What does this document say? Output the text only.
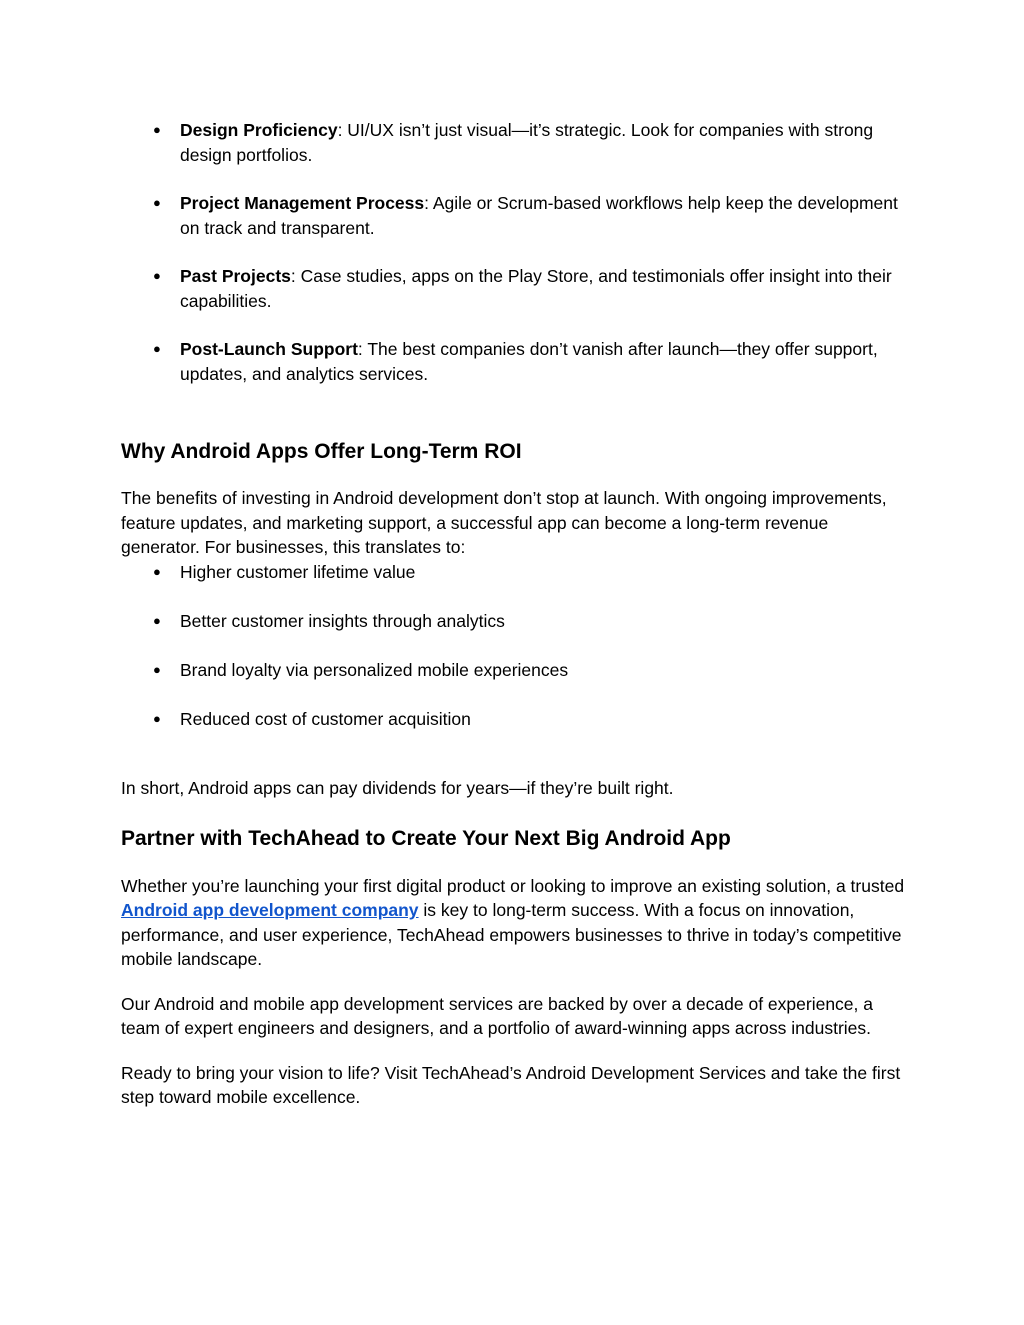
● Design Proficiency: UI/UX isn’t just visual—it’s strategic. Look for companies with strong design portfolios.
● Project Management Process: Agile or Scrum-based workflows help keep the development on track and transparent.
● Past Projects: Case studies, apps on the Play Store, and testimonials offer insight into their capabilities.
● Post-Launch Support: The best companies don’t vanish after launch—they offer support, updates, and analytics services.
Why Android Apps Offer Long-Term ROI

The benefits of investing in Android development don’t stop at launch. With ongoing improvements, feature updates, and marketing support, a successful app can become a long-term revenue generator. For businesses, this translates to:

● Higher customer lifetime value
● Better customer insights through analytics
● Brand loyalty via personalized mobile experiences
● Reduced cost of customer acquisition

In short, Android apps can pay dividends for years—if they’re built right.

Partner with TechAhead to Create Your Next Big Android App

Whether you’re launching your first digital product or looking to improve an existing solution, a trusted Android app development company is key to long-term success. With a focus on innovation, performance, and user experience, TechAhead empowers businesses to thrive in today’s competitive mobile landscape.

Our Android and mobile app development services are backed by over a decade of experience, a team of expert engineers and designers, and a portfolio of award-winning apps across industries.

Ready to bring your vision to life? Visit TechAhead’s Android Development Services and take the first step toward mobile excellence.
